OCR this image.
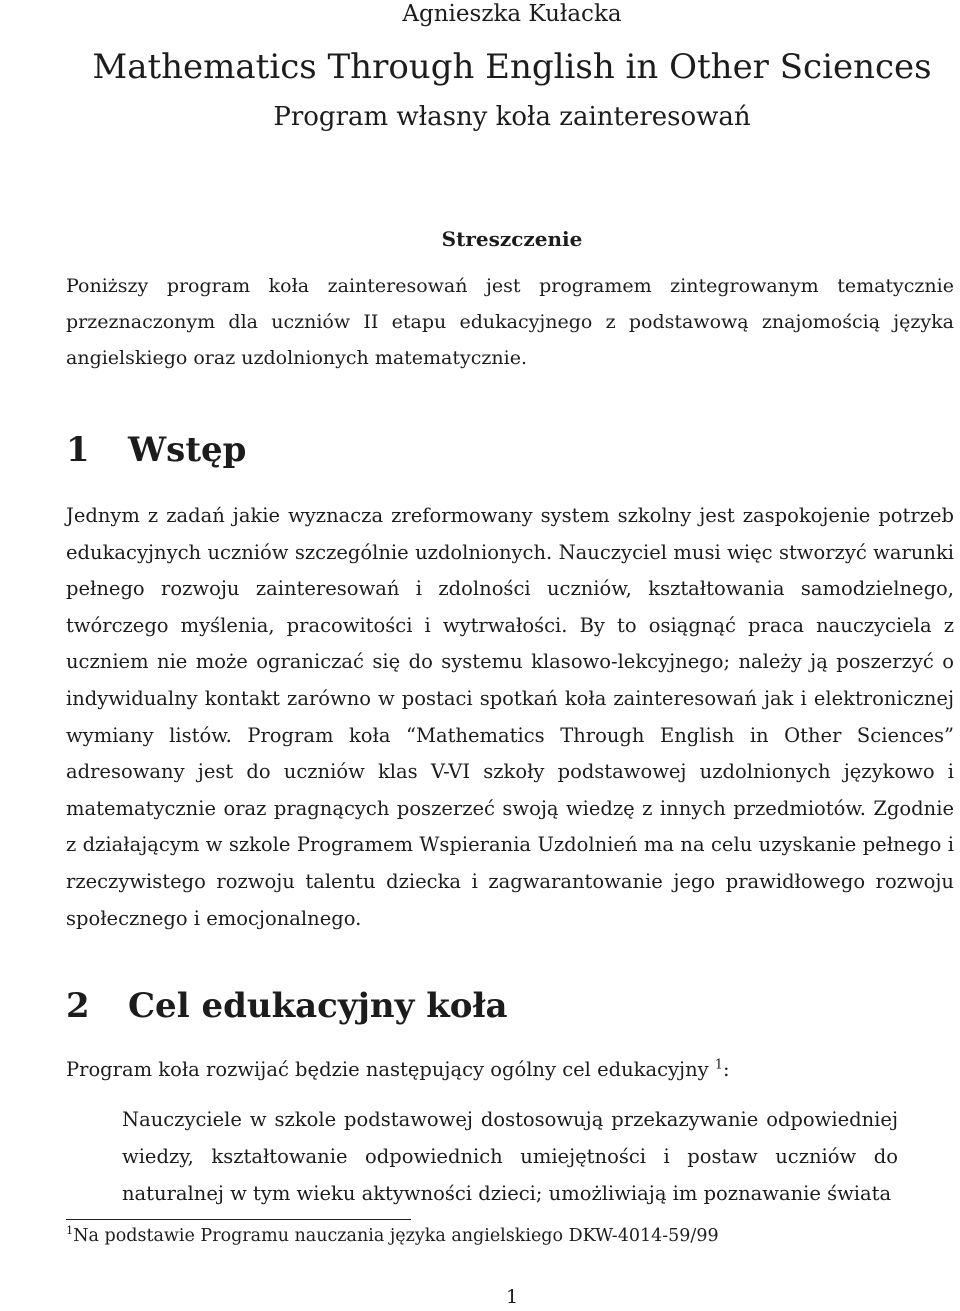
Agnieszka Kułacka
Mathematics Through English in Other Sciences
Program własny koła zainteresowań
Streszczenie
Poniższy program koła zainteresowań jest programem zintegrowanym tematycznie przeznaczonym dla uczniów II etapu edukacyjnego z podstawową znajomością języka angielskiego oraz uzdolnionych matematycznie.
1 Wstęp
Jednym z zadań jakie wyznacza zreformowany system szkolny jest zaspokojenie potrzeb edukacyjnych uczniów szczególnie uzdolnionych. Nauczyciel musi więc stworzyć warunki pełnego rozwoju zainteresowań i zdolności uczniów, kształtowania samodzielnego, twórczego myślenia, pracowitości i wytrwałości. By to osiągnąć praca nauczyciela z uczniem nie może ograniczać się do systemu klasowo-lekcyjnego; należy ją poszerzyć o indywidualny kontakt zarówno w postaci spotkań koła zainteresowań jak i elektronicznej wymiany listów. Program koła “Mathematics Through English in Other Sciences” adresowany jest do uczniów klas V-VI szkoły podstawowej uzdolnionych językowo i matematycznie oraz pragnących poszerzeć swoją wiedzę z innych przedmiotów. Zgodnie z działającym w szkole Programem Wspierania Uzdolnień ma na celu uzyskanie pełnego i rzeczywistego rozwoju talentu dziecka i zagwarantowanie jego prawidłowego rozwoju społecznego i emocjonalnego.
2 Cel edukacyjny koła
Program koła rozwijać będzie następujący ogólny cel edukacyjny $^1$:
Nauczyciele w szkole podstawowej dostosowują przekazywanie odpowiedniej wiedzy, kształtowanie odpowiednich umiejętności i postaw uczniów do naturalnej w tym wieku aktywności dzieci; umożliwiają im poznawanie świata
$^1$Na podstawie Programu nauczania języka angielskiego DKW-4014-59/99
1
